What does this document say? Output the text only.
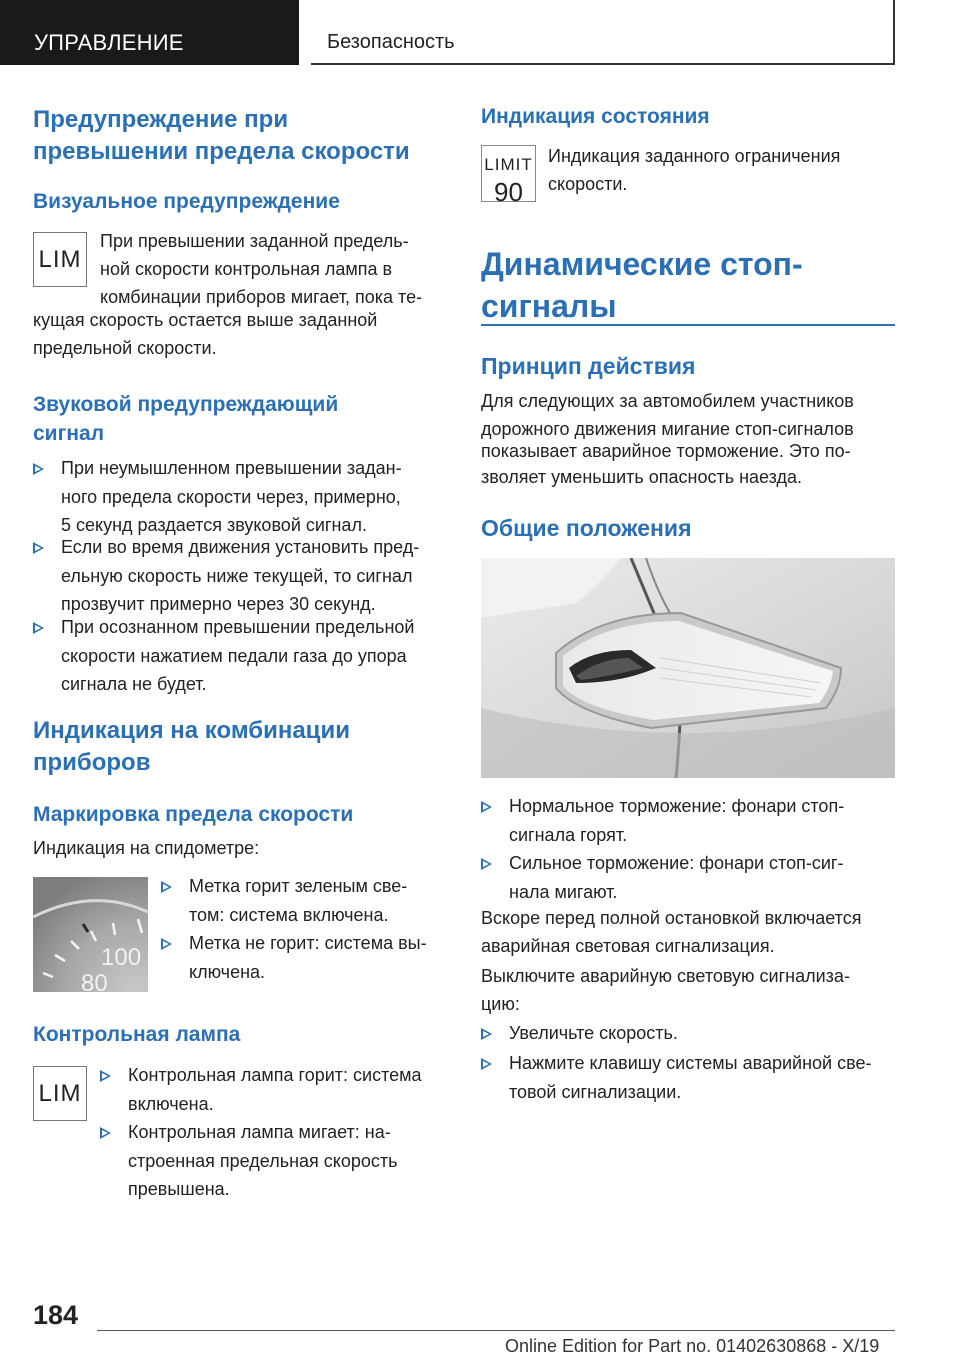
УПРАВЛЕНИЕ	Безопасность
Предупреждение при превышении предела скорости
Визуальное предупреждение
LIM
При превышении заданной предель-
ной скорости контрольная лампа в
комбинации приборов мигает, пока те-
кущая скорость остается выше заданной
предельной скорости.
Звуковой предупреждающий сигнал
При неумышленном превышении задан-
ного предела скорости через, примерно,
5 секунд раздается звуковой сигнал.
Если во время движения установить пред-
ельную скорость ниже текущей, то сигнал
прозвучит примерно через 30 секунд.
При осознанном превышении предельной
скорости нажатием педали газа до упора
сигнала не будет.
Индикация на комбинации приборов
Маркировка предела скорости
Индикация на спидометре:
100
80
Метка горит зеленым све-
том: система включена.
Метка не горит: система вы-
ключена.
Контрольная лампа
LIM
Контрольная лампа горит: система
включена.
Контрольная лампа мигает: на-
строенная предельная скорость
превышена.
Индикация состояния
LIMIT
90
Индикация заданного ограничения
скорости.
Динамические стоп-сигналы
Принцип действия
Для следующих за автомобилем участников
дорожного движения мигание стоп-сигналов
показывает аварийное торможение. Это по-
зволяет уменьшить опасность наезда.
Общие положения
Нормальное торможение: фонари стоп-
сигнала горят.
Сильное торможение: фонари стоп-сиг-
нала мигают.
Вскоре перед полной остановкой включается
аварийная световая сигнализация.
Выключите аварийную световую сигнализа-
цию:
Увеличьте скорость.
Нажмите клавишу системы аварийной све-
товой сигнализации.
184
Online Edition for Part no. 01402630868 - X/19
